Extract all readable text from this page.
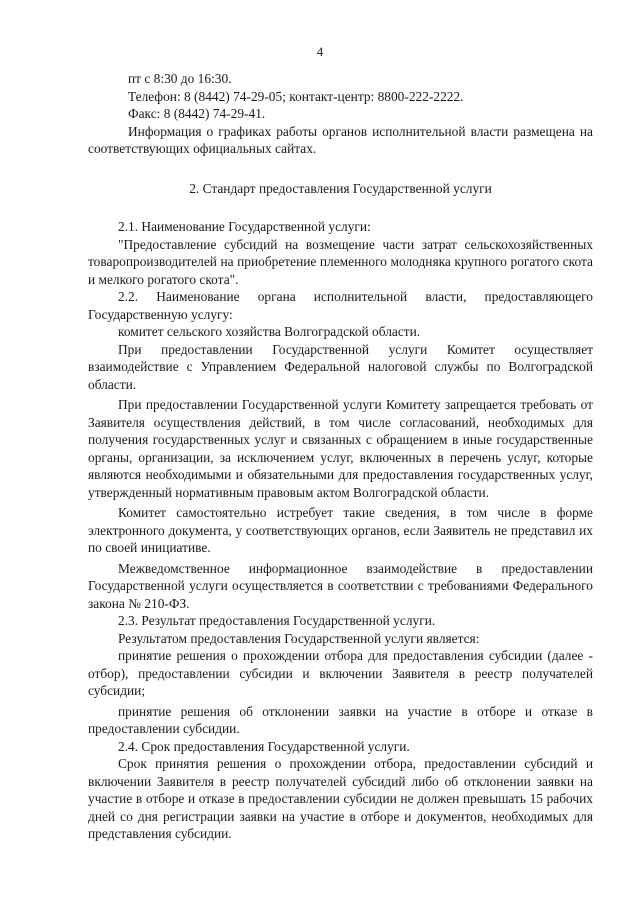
4

пт с 8:30 до 16:30.

Телефон: 8 (8442) 74-29-05; контакт-центр: 8800-222-2222.

Факс: 8 (8442) 74-29-41.

Информация о графиках работы органов исполнительной власти размещена на соответствующих официальных сайтах.

2. Стандарт предоставления Государственной услуги

2.1. Наименование Государственной услуги:

"Предоставление субсидий на возмещение части затрат сельскохозяйственных товаропроизводителей на приобретение племенного молодняка крупного рогатого скота и мелкого рогатого скота".

2.2. Наименование органа исполнительной власти, предоставляющего Государственную услугу:

комитет сельского хозяйства Волгоградской области.

При предоставлении Государственной услуги Комитет осуществляет взаимодействие с Управлением Федеральной налоговой службы по Волгоградской области.

При предоставлении Государственной услуги Комитету запрещается требовать от Заявителя осуществления действий, в том числе согласований, необходимых для получения государственных услуг и связанных с обращением в иные государственные органы, организации, за исключением услуг, включенных в перечень услуг, которые являются необходимыми и обязательными для предоставления государственных услуг, утвержденный нормативным правовым актом Волгоградской области.

Комитет самостоятельно истребует такие сведения, в том числе в форме электронного документа, у соответствующих органов, если Заявитель не представил их по своей инициативе.

Межведомственное информационное взаимодействие в предоставлении Государственной услуги осуществляется в соответствии с требованиями Федерального закона № 210-ФЗ.

2.3. Результат предоставления Государственной услуги.

Результатом предоставления Государственной услуги является:

принятие решения о прохождении отбора для предоставления субсидии (далее - отбор), предоставлении субсидии и включении Заявителя в реестр получателей субсидии;

принятие решения об отклонении заявки на участие в отборе и отказе в предоставлении субсидии.

2.4. Срок предоставления Государственной услуги.

Срок принятия решения о прохождении отбора, предоставлении субсидий и включении Заявителя в реестр получателей субсидий либо об отклонении заявки на участие в отборе и отказе в предоставлении субсидии не должен превышать 15 рабочих дней со дня регистрации заявки на участие в отборе и документов, необходимых для представления субсидии.
